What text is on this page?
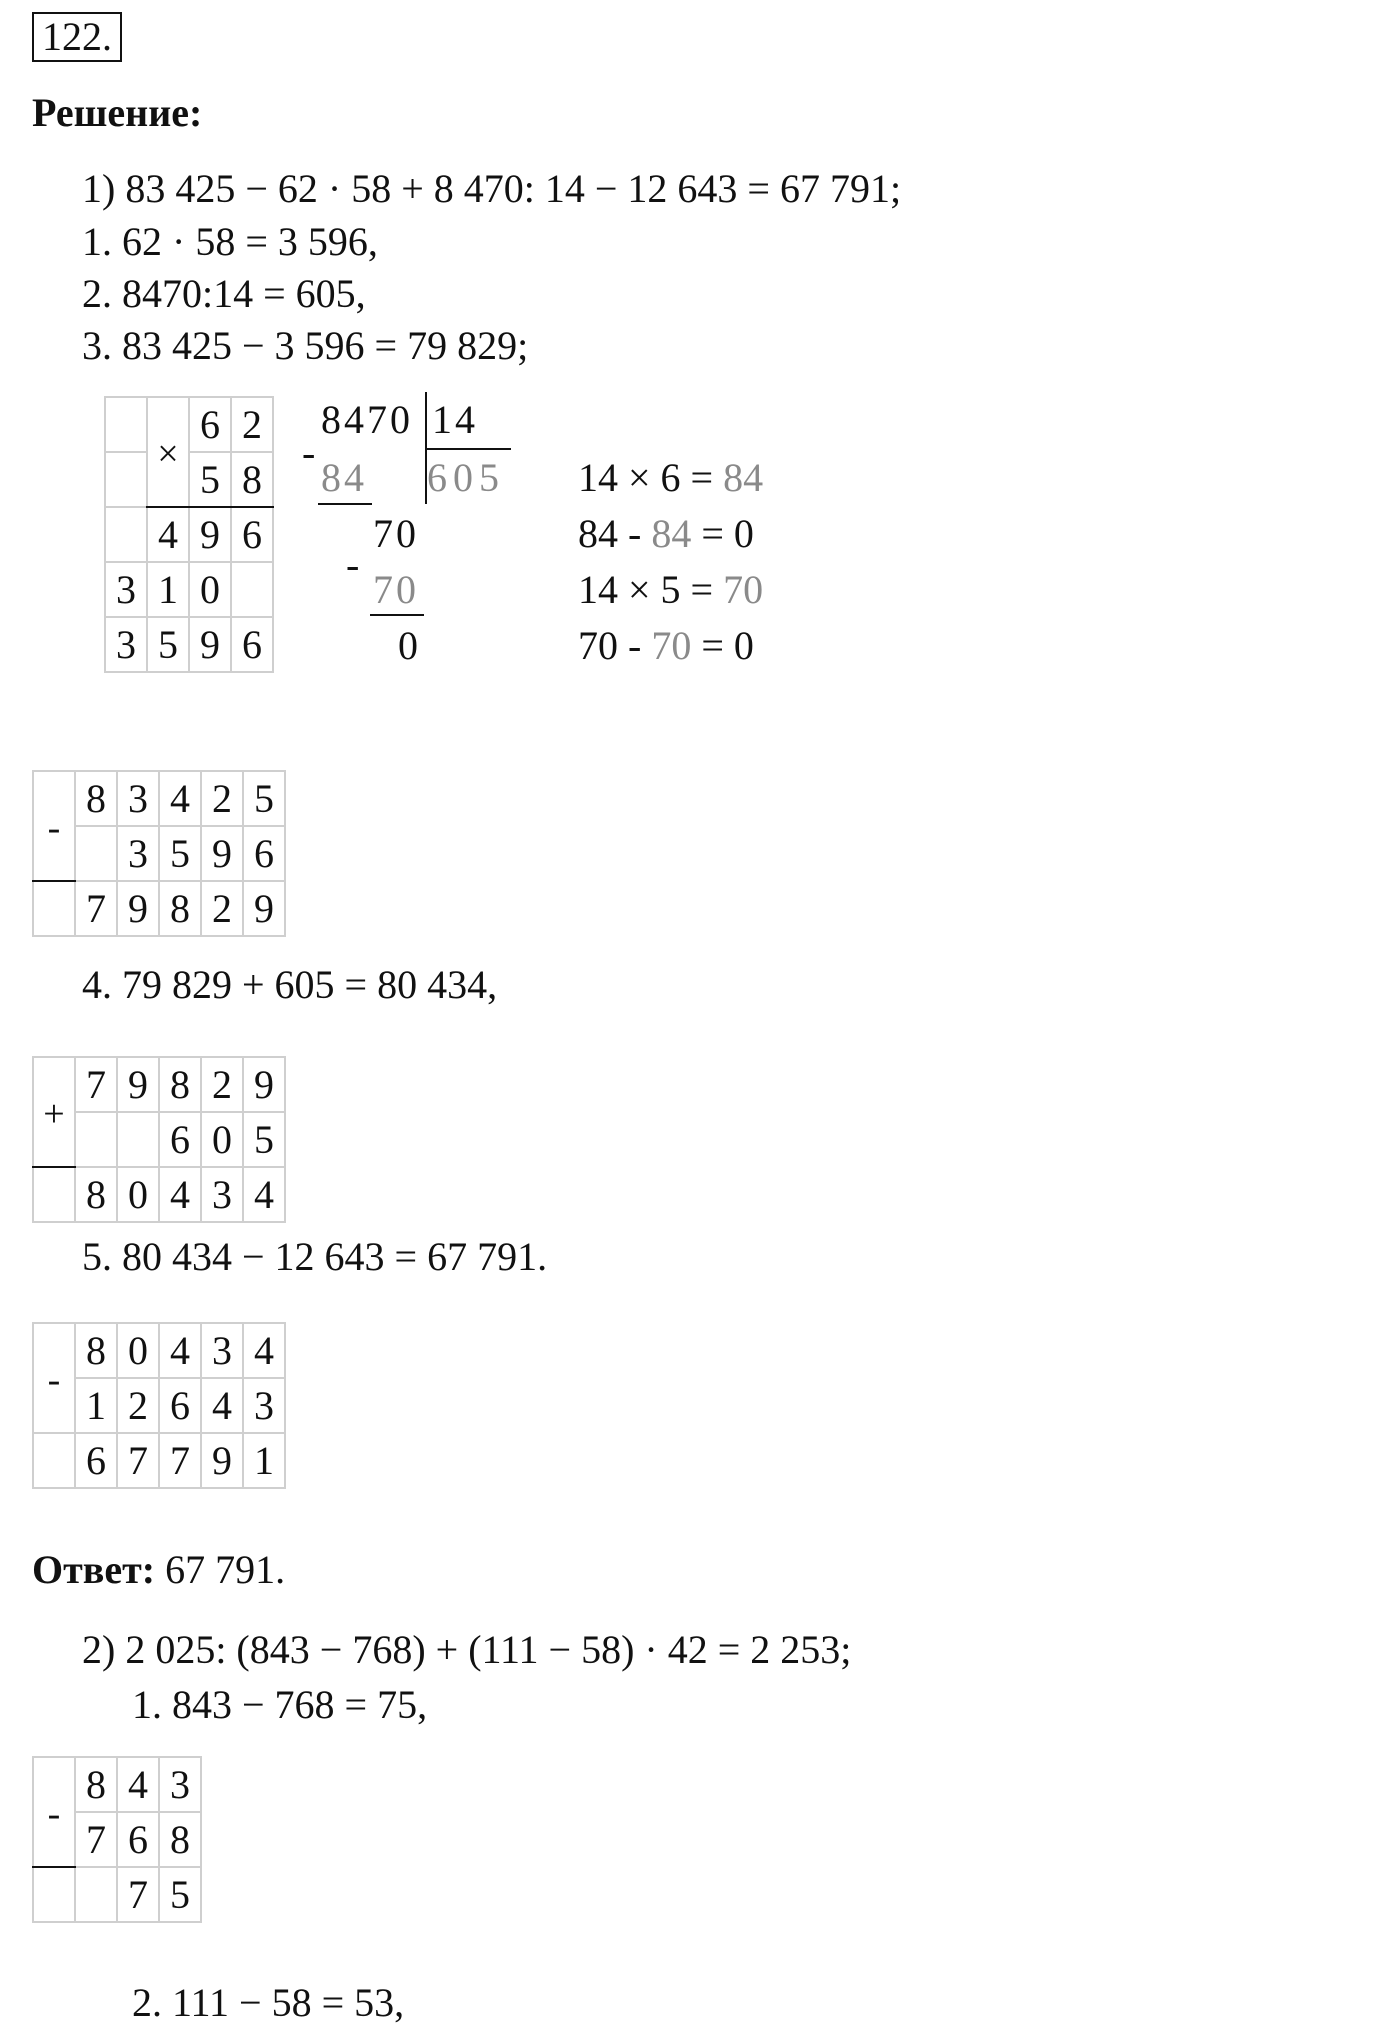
122.
Решение:
1) 83 425 − 62 · 58 + 8 470: 14 − 12 643 = 67 791;
1. 62 · 58 = 3 596,
2. 8470:14 = 605,
3. 83 425 − 3 596 = 79 829;
	×	6	2
		5	8
	4	9	6
3	1	0	
3	5	9	6
8470 14
-
84 605
70
-
70
0
14 × 6 = 84
84 - 84 = 0
14 × 5 = 70
70 - 70 = 0
-	8	3	4	2	5
		3	5	9	6
	7	9	8	2	9
4. 79 829 + 605 = 80 434,
+	7	9	8	2	9
			6	0	5
	8	0	4	3	4
5. 80 434 − 12 643 = 67 791.
-	8	0	4	3	4
	1	2	6	4	3
	6	7	7	9	1
Ответ: 67 791.
2) 2 025: (843 − 768) + (111 − 58) · 42 = 2 253;
1. 843 − 768 = 75,
-	8	4	3
	7	6	8
		7	5
2. 111 − 58 = 53,
